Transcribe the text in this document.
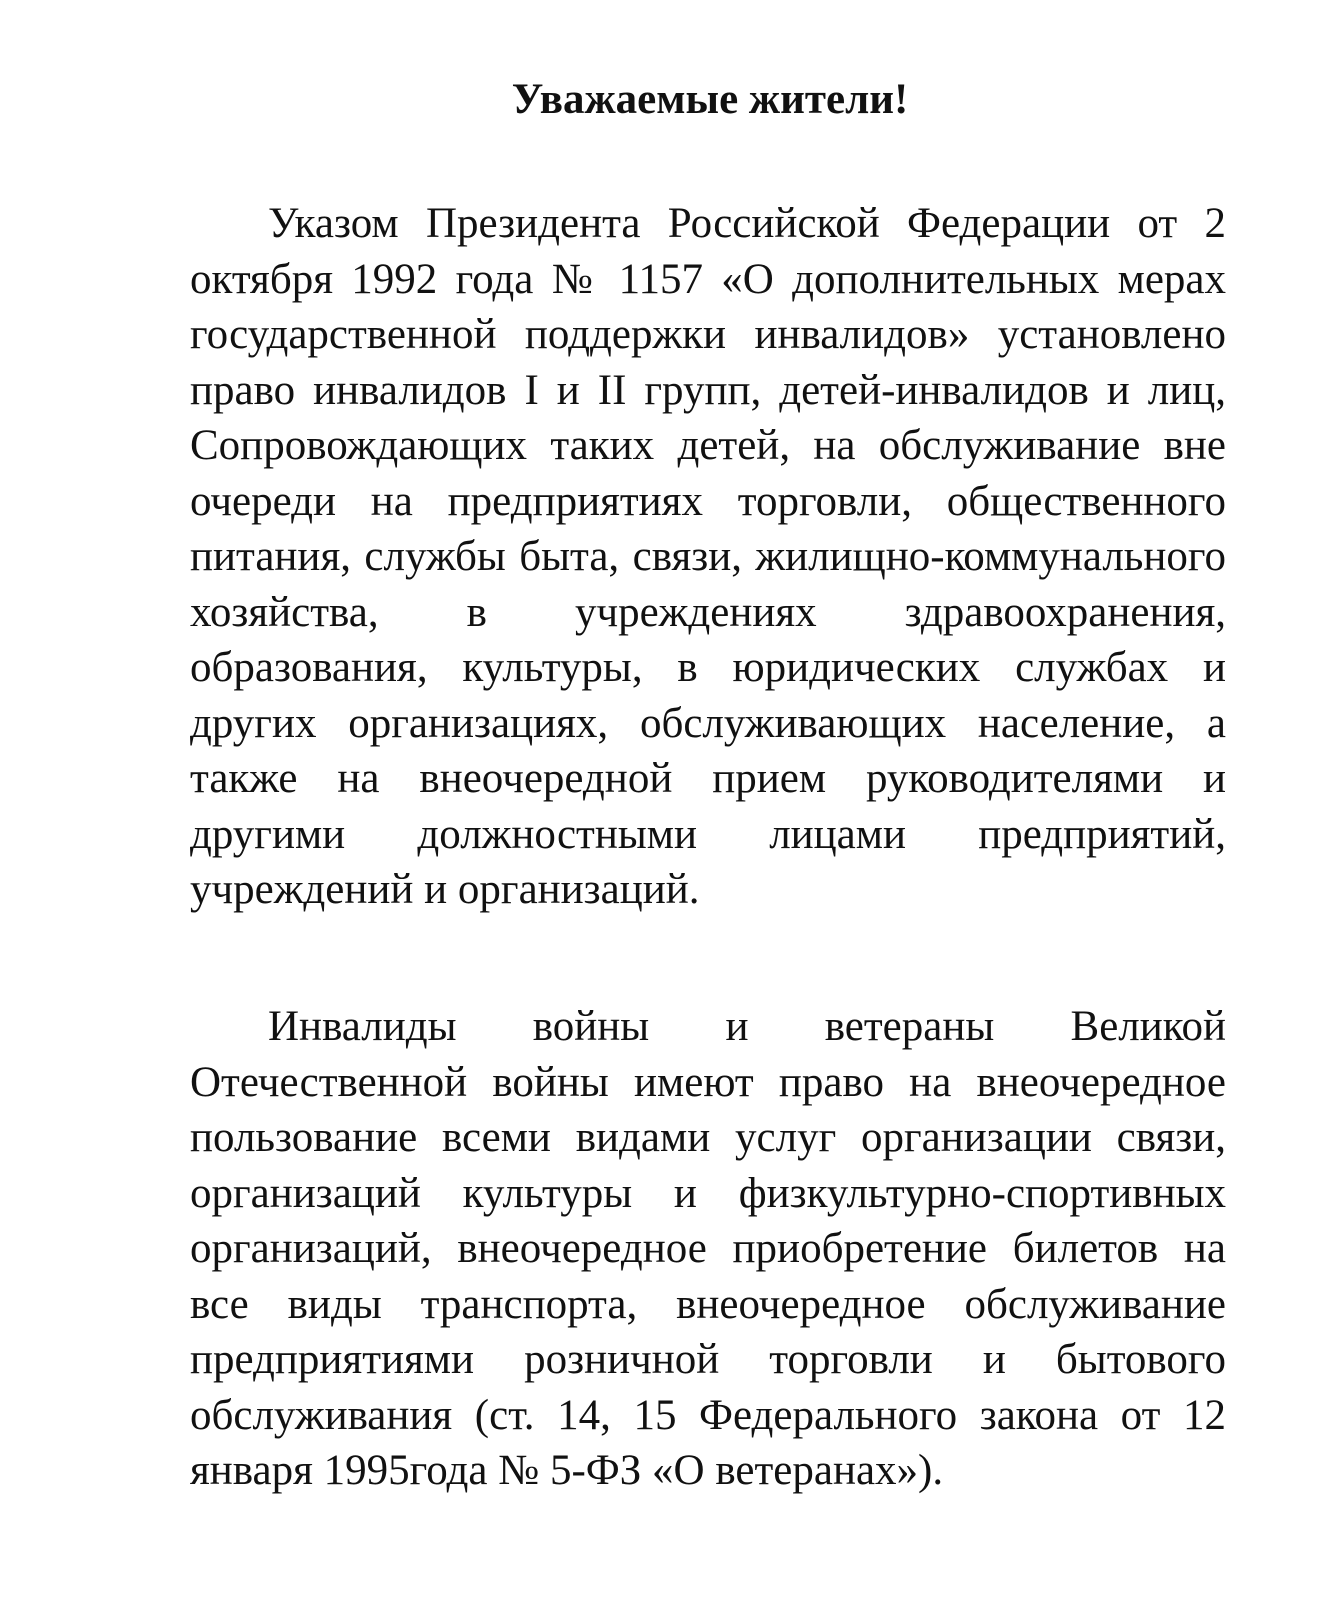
Уважаемые жители!

Указом Президента Российской Федерации от 2 октября 1992 года № 1157 «О дополнительных мерах государственной поддержки инвалидов» установлено право инвалидов I и II групп, детей-инвалидов и лиц, Сопровождающих таких детей, на обслуживание вне очереди на предприятиях торговли, общественного питания, службы быта, связи, жилищно-коммунального хозяйства, в учреждениях здравоохранения, образования, культуры, в юридических службах и других организациях, обслуживающих население, а также на внеочередной прием руководителями и другими должностными лицами предприятий, учреждений и организаций.

Инвалиды войны и ветераны Великой Отечественной войны имеют право на внеочередное пользование всеми видами услуг организации связи, организаций культуры и физкультурно-спортивных организаций, внеочередное приобретение билетов на все виды транспорта, внеочередное обслуживание предприятиями розничной торговли и бытового обслуживания (ст. 14, 15 Федерального закона от 12 января 1995года № 5-ФЗ «О ветеранах»).
